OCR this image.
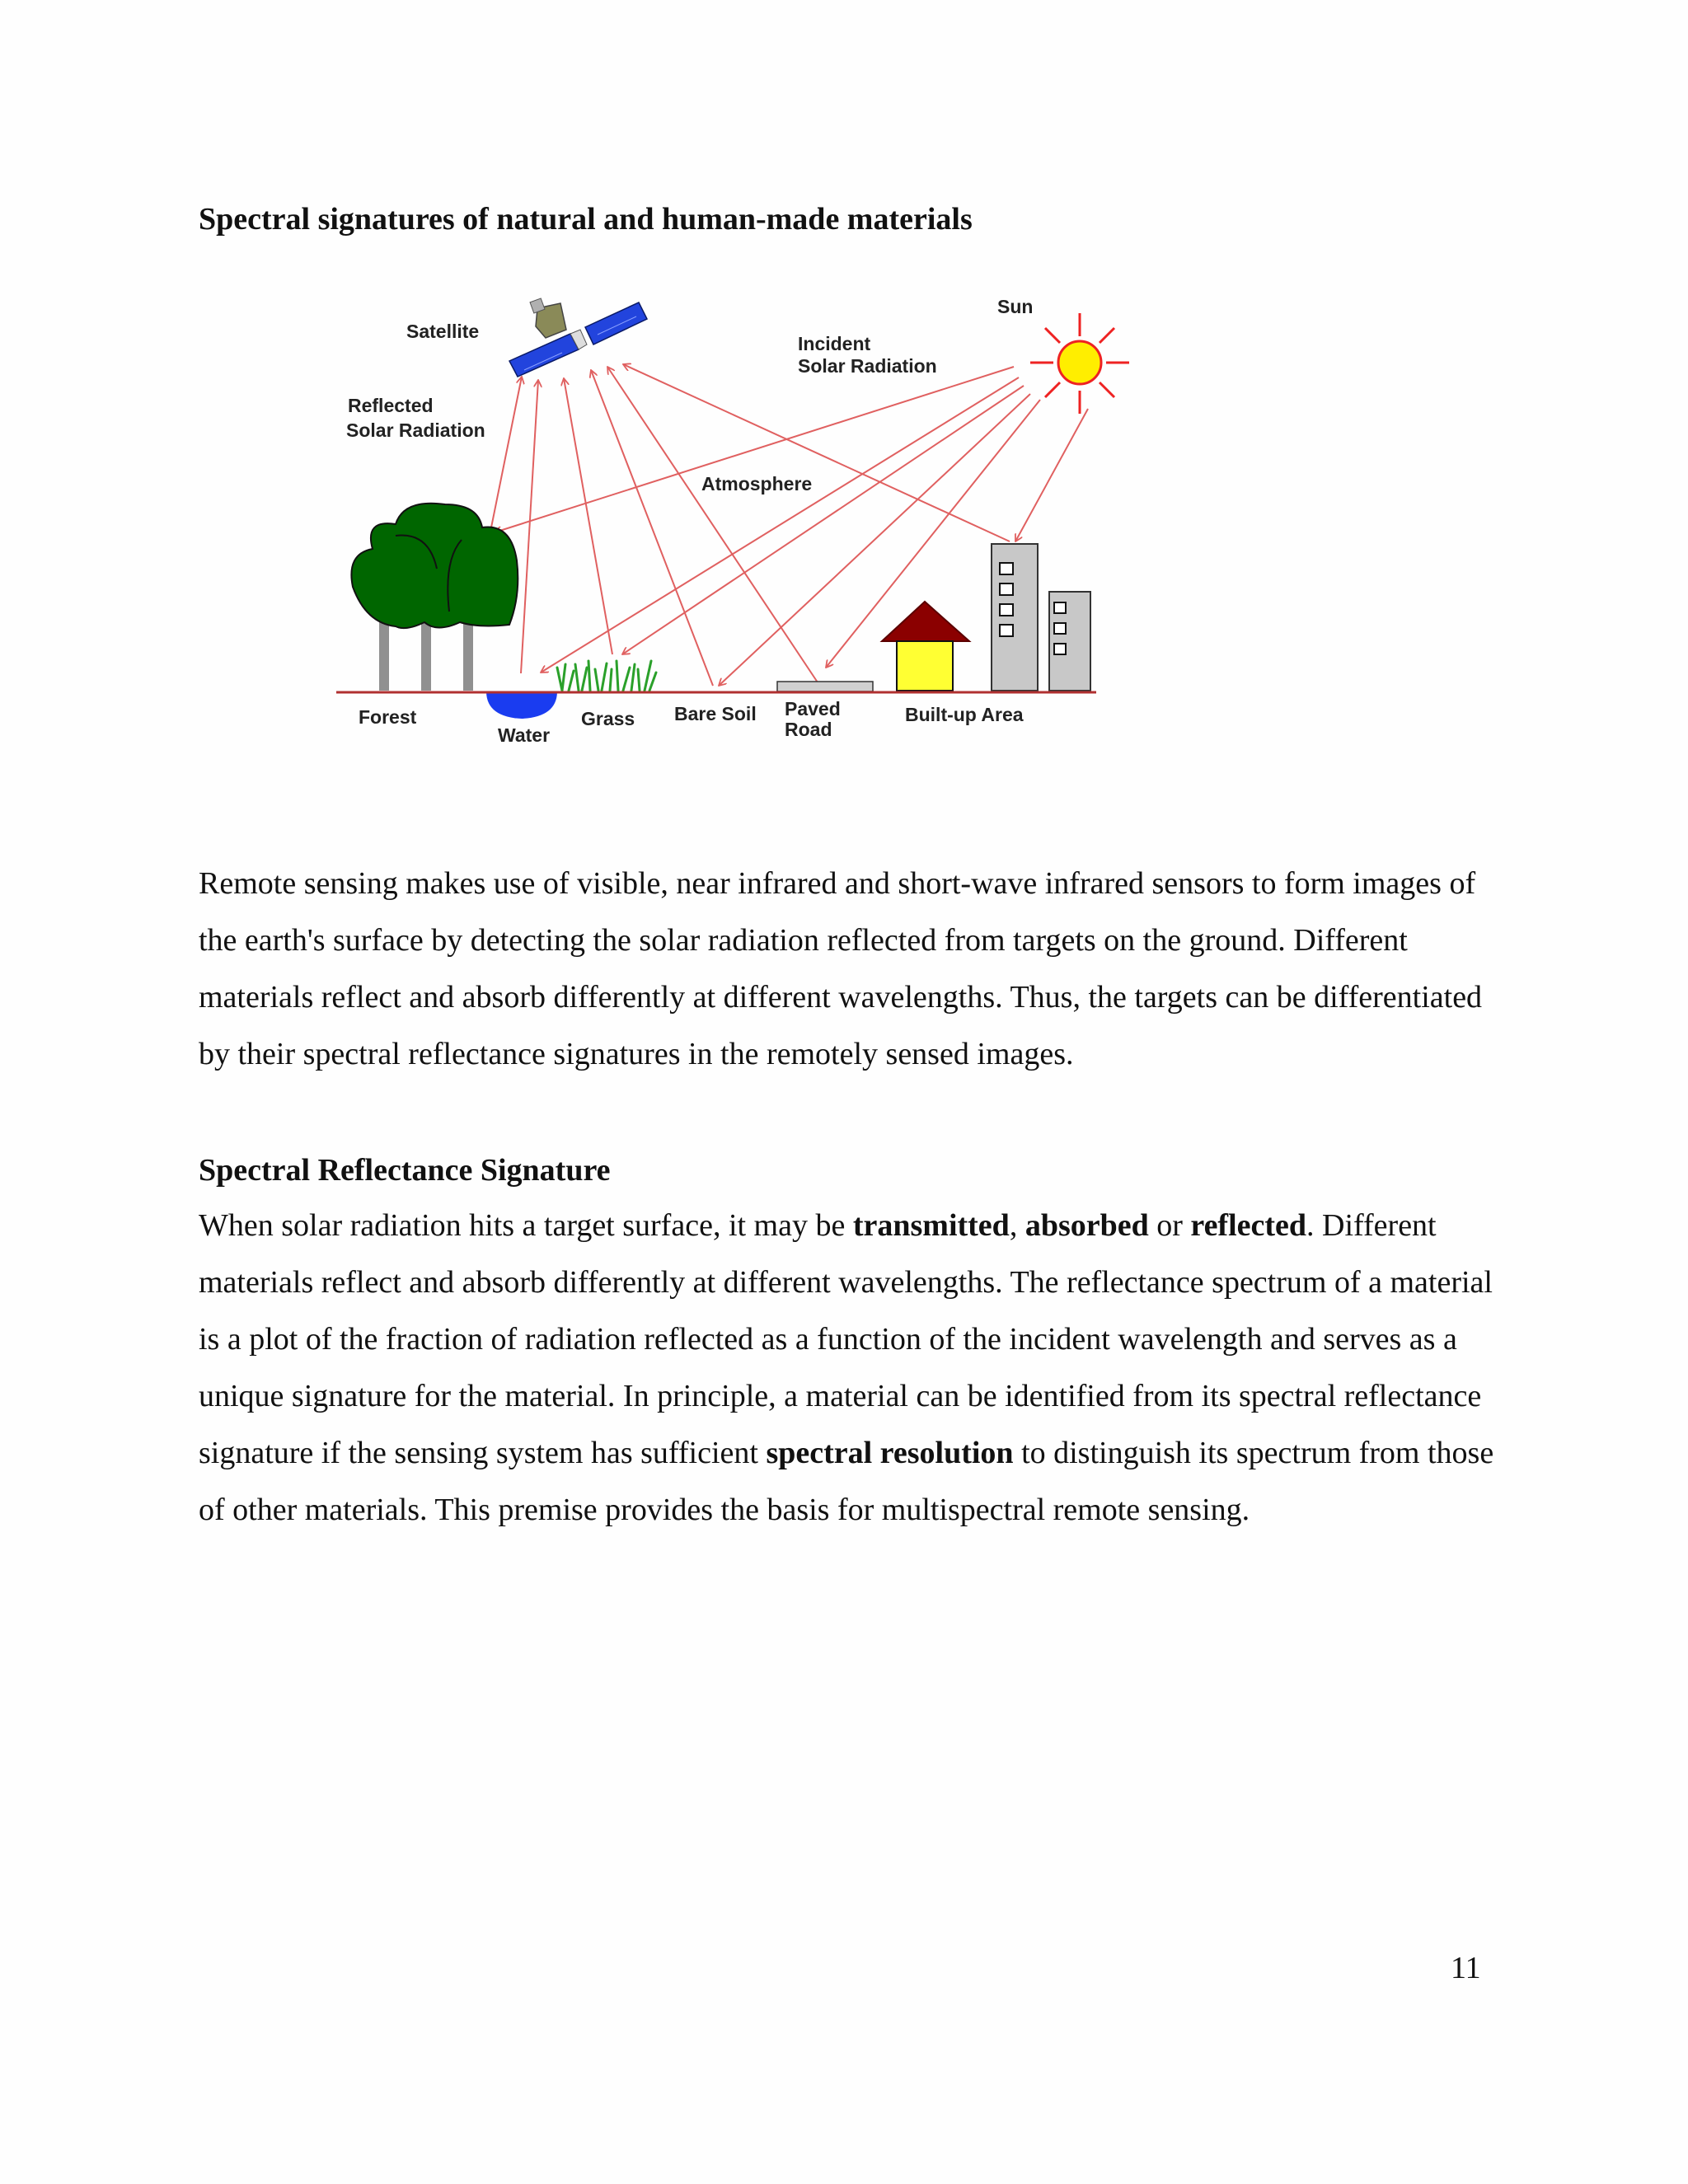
Spectral signatures of natural and human-made materials
Satellite
Sun
Incident
Solar Radiation
Reflected
Solar Radiation
Atmosphere
Forest
Water
Grass Bare Soil Paved
Road
Built-up Area

Remote sensing makes use of visible, near infrared and short-wave infrared sensors to form images of the earth's surface by detecting the solar radiation reflected from targets on the ground. Different materials reflect and absorb differently at different wavelengths. Thus, the targets can be differentiated by their spectral reflectance signatures in the remotely sensed images.

Spectral Reflectance Signature

When solar radiation hits a target surface, it may be transmitted, absorbed or reflected. Different materials reflect and absorb differently at different wavelengths. The reflectance spectrum of a material is a plot of the fraction of radiation reflected as a function of the incident wavelength and serves as a unique signature for the material. In principle, a material can be identified from its spectral reflectance signature if the sensing system has sufficient spectral resolution to distinguish its spectrum from those of other materials. This premise provides the basis for multispectral remote sensing.

11
